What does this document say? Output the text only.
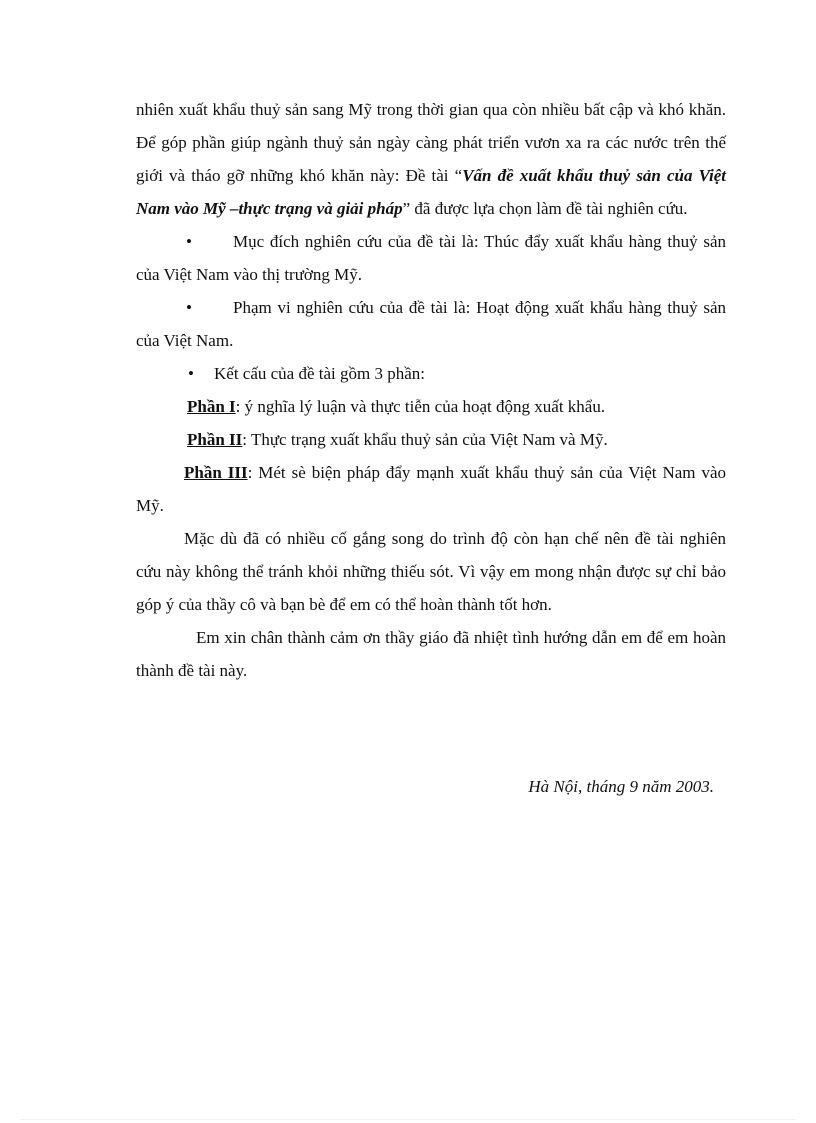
nhiên xuất khẩu thuỷ sản sang Mỹ trong thời gian qua còn nhiều bất cập và khó khăn. Để góp phần giúp ngành thuỷ sản ngày càng phát triển vươn xa ra các nước trên thế giới và tháo gỡ những khó khăn này: Đề tài “Vấn đề xuất khẩu thuỷ sản của Việt Nam vào Mỹ –thực trạng và giải pháp” đã được lựa chọn làm đề tài nghiên cứu.

• Mục đích nghiên cứu của đề tài là: Thúc đẩy xuất khẩu hàng thuỷ sản của Việt Nam vào thị trường Mỹ.

• Phạm vi nghiên cứu của đề tài là: Hoạt động xuất khẩu hàng thuỷ sản của Việt Nam.

• Kết cấu của đề tài gồm 3 phần:

Phần I: ý nghĩa lý luận và thực tiễn của hoạt động xuất khẩu.

Phần II: Thực trạng xuất khẩu thuỷ sản của Việt Nam và Mỹ.

Phần III: Mét sè biện pháp đẩy mạnh xuất khẩu thuỷ sản của Việt Nam vào Mỹ.

Mặc dù đã có nhiều cố gắng song do trình độ còn hạn chế nên đề tài nghiên cứu này không thể tránh khỏi những thiếu sót. Vì vậy em mong nhận được sự chỉ bảo góp ý của thầy cô và bạn bè để em có thể hoàn thành tốt hơn.

Em xin chân thành cảm ơn thầy giáo đã nhiệt tình hướng dẫn em để em hoàn thành đề tài này.

Hà Nội, tháng 9 năm 2003.
